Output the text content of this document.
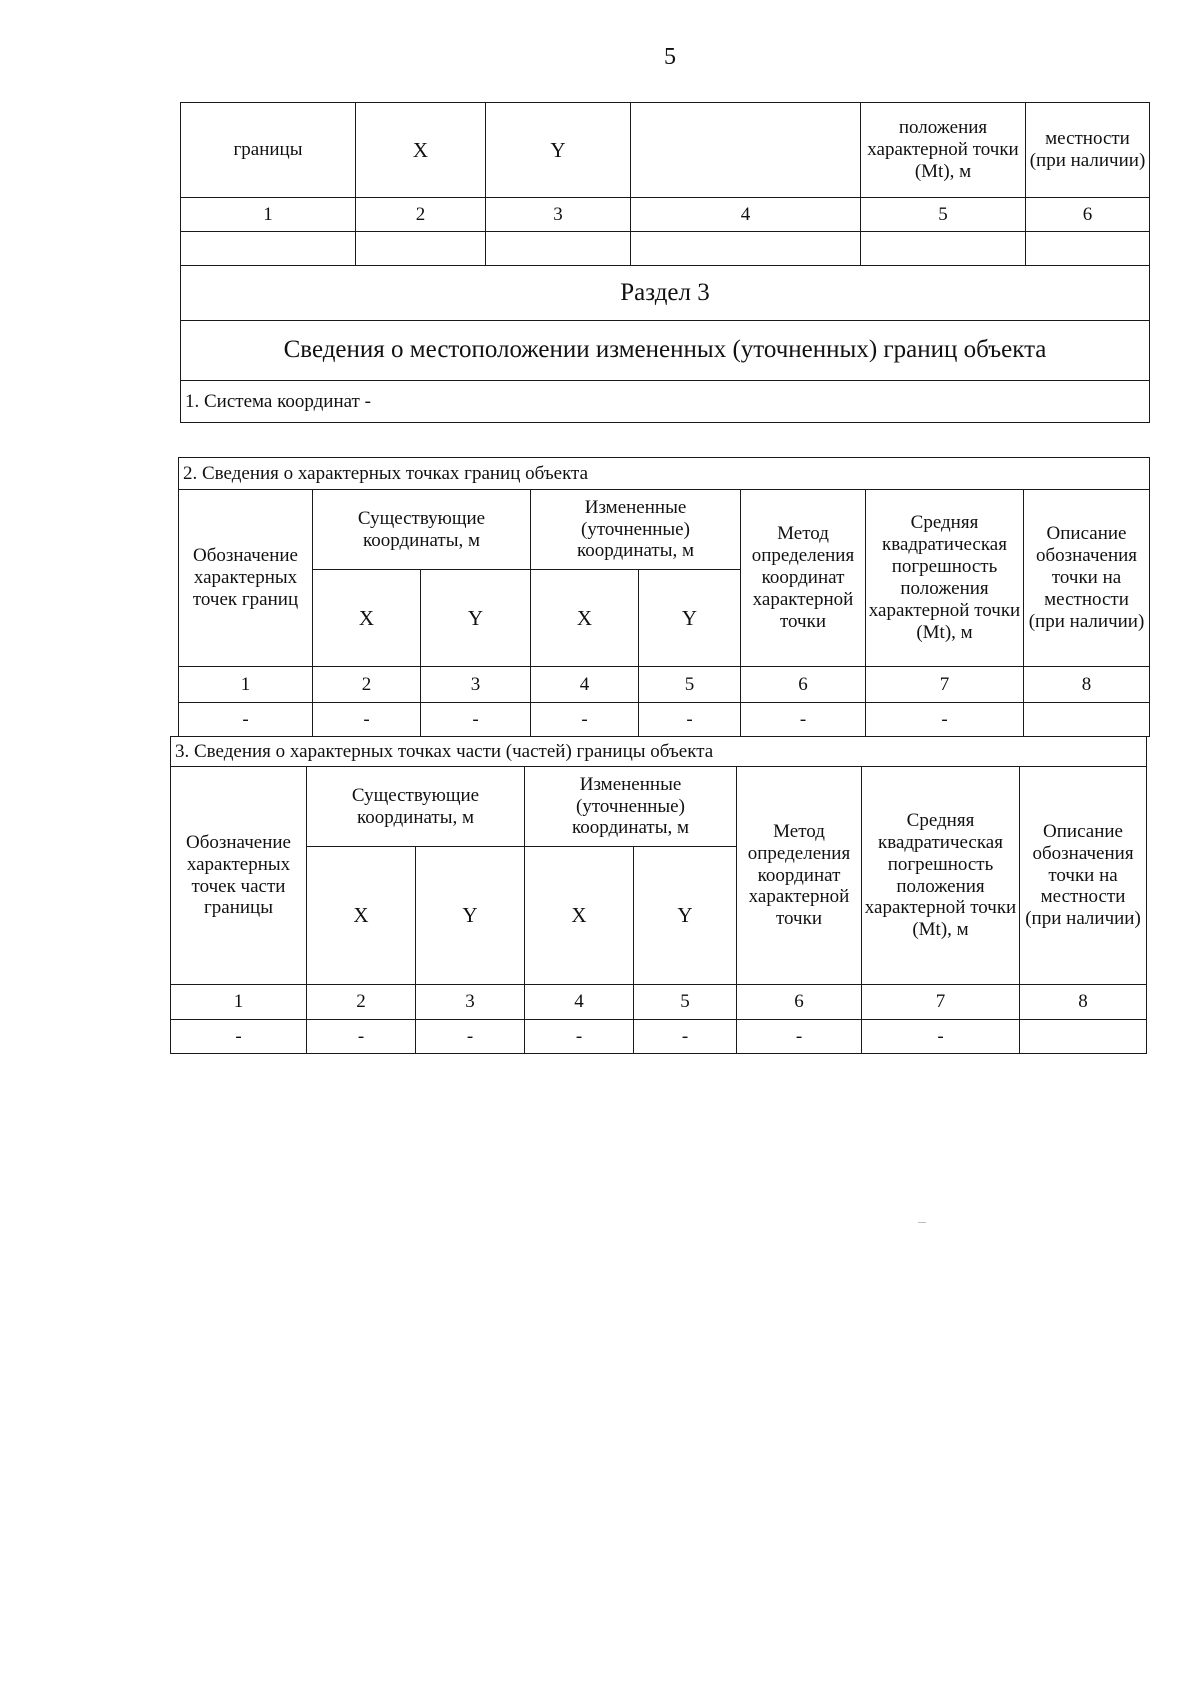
5
границы	X	Y		положения характерной точки (Mt), м	местности (при наличии)
1	2	3	4	5	6

Раздел 3					
Сведения о местоположении измененных (уточненных) границ объекта					
1. Система координат -					
2. Сведения о характерных точках границ объекта							
Обозначение характерных точек границ	Существующие координаты, м		Измененные (уточненные) координаты, м		Метод определения координат характерной точки	Средняя квадратическая погрешность положения характерной точки (Mt), м	Описание обозначения точки на местности (при наличии)
	X	Y	X	Y			
1	2	3	4	5	6	7	8
-	-	-	-	-	-	-	
3. Сведения о характерных точках части (частей) границы объекта							
Обозначение характерных точек части границы	Существующие координаты, м		Измененные (уточненные) координаты, м		Метод определения координат характерной точки	Средняя квадратическая погрешность положения характерной точки (Mt), м	Описание обозначения точки на местности (при наличии)
	X	Y	X	Y			
1	2	3	4	5	6	7	8
-	-	-	-	-	-	-	
